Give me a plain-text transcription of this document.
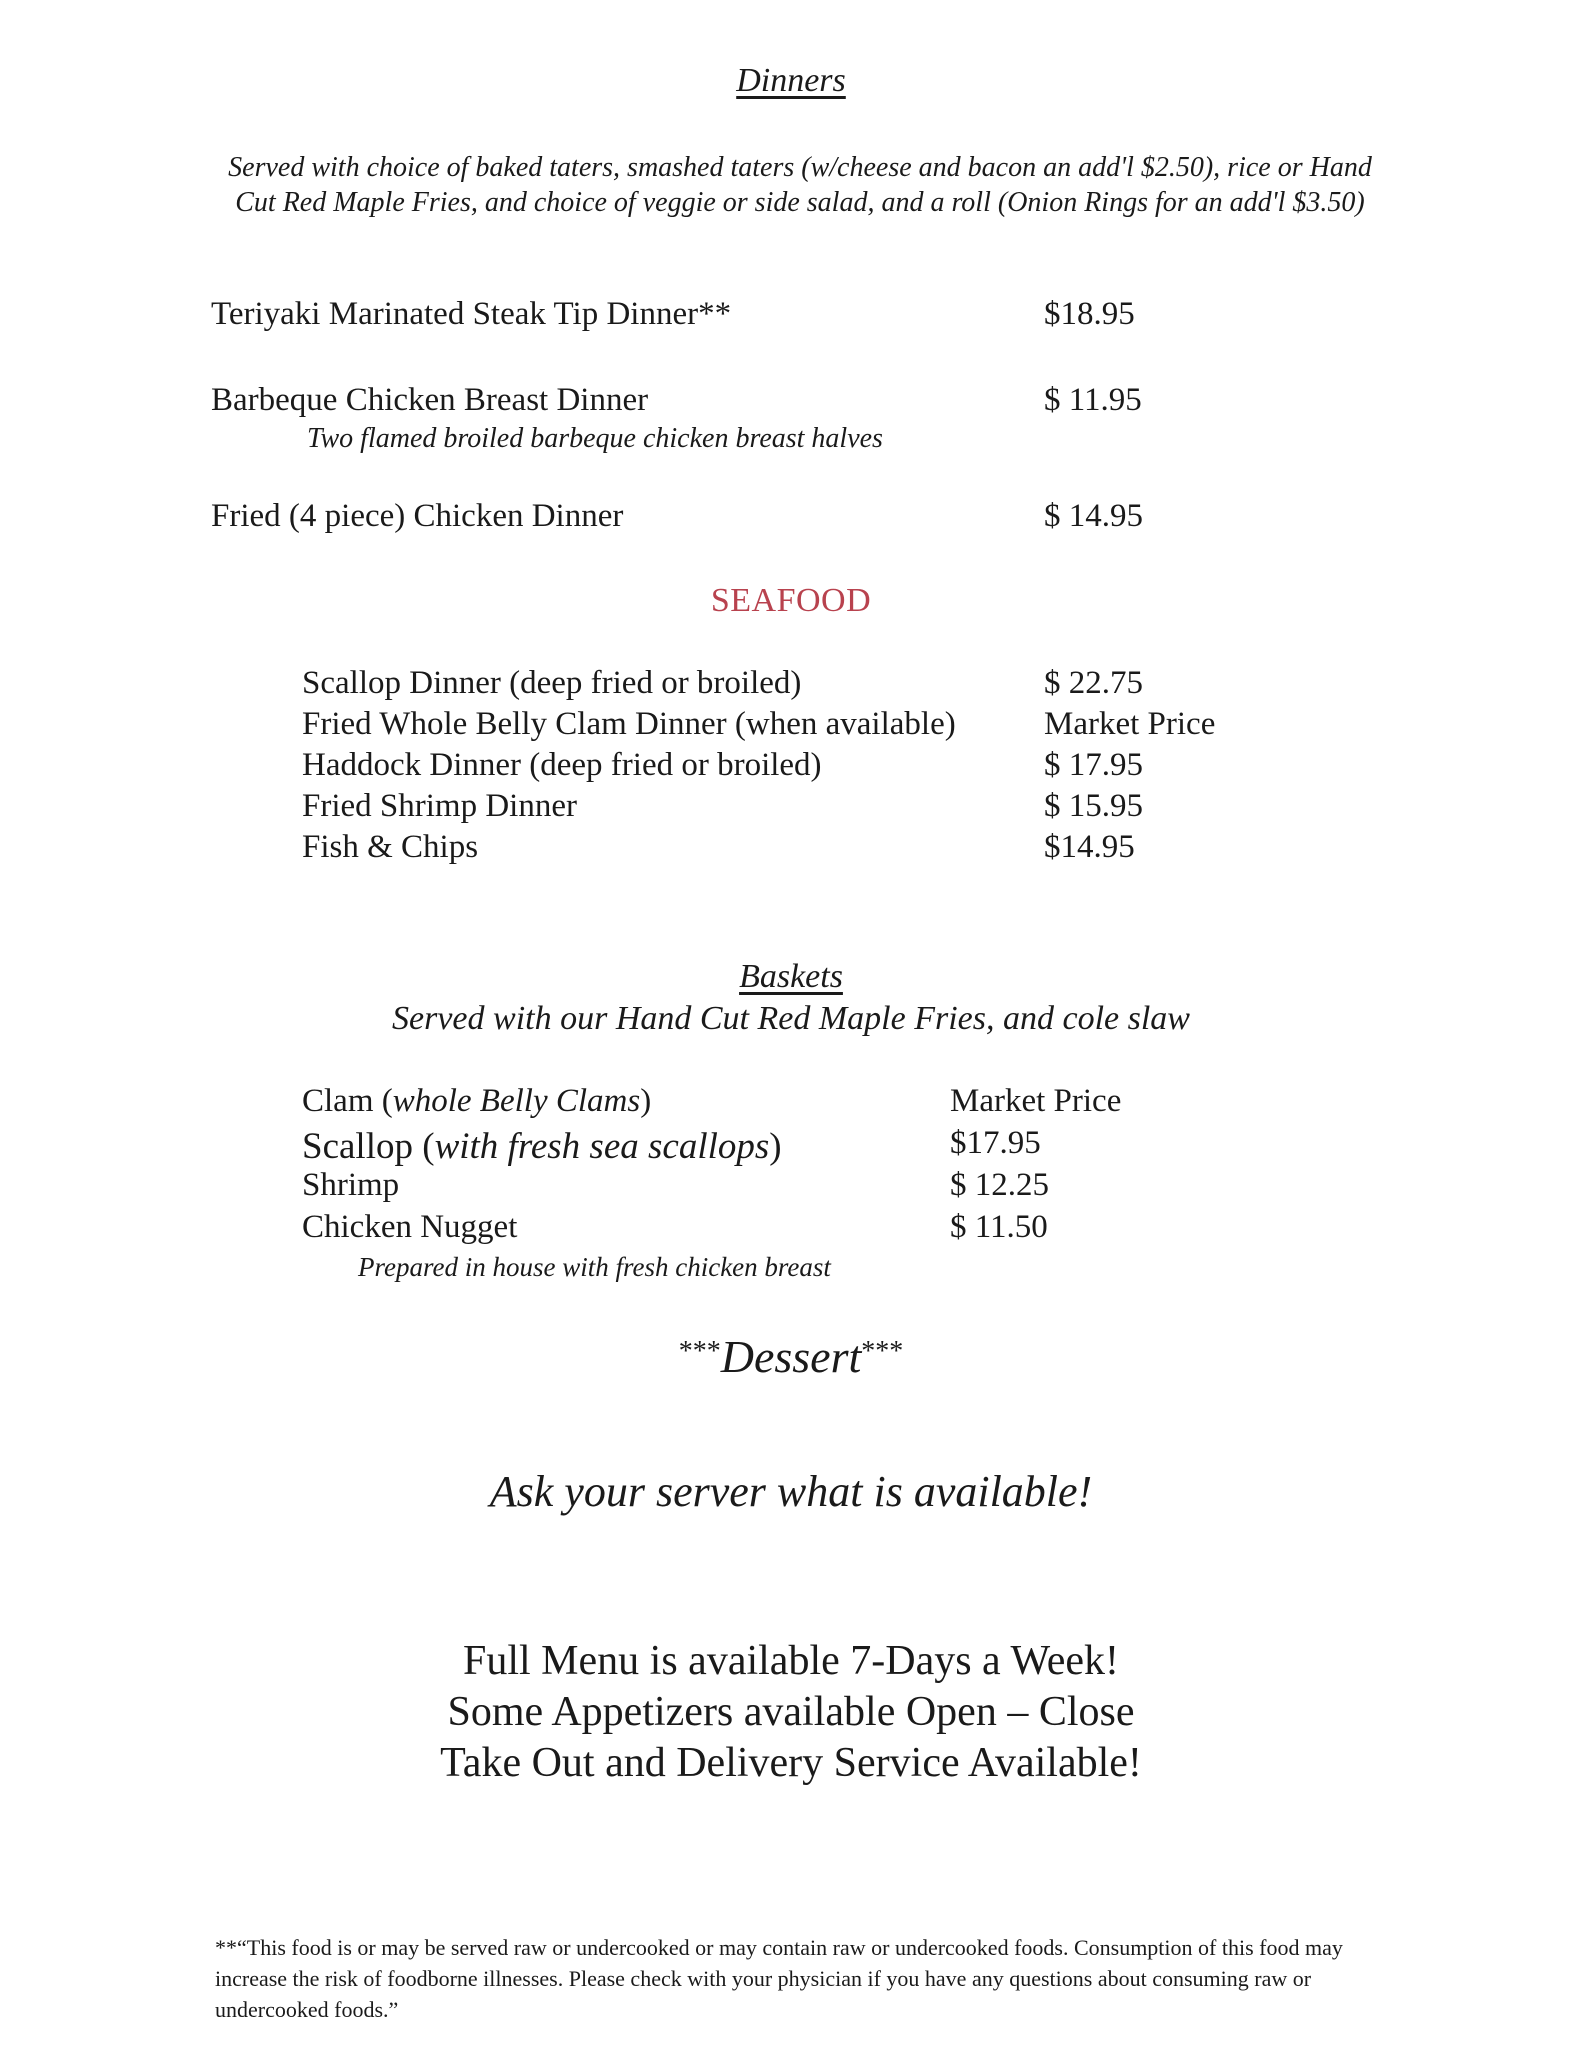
Dinners
Served with choice of baked taters, smashed taters (w/cheese and bacon an add'l $2.50), rice or Hand Cut Red Maple Fries, and choice of veggie or side salad, and a roll (Onion Rings for an add'l $3.50)
Teriyaki Marinated Steak Tip Dinner**	$18.95
Barbeque Chicken Breast Dinner	$ 11.95
Two flamed broiled barbeque chicken breast halves
Fried (4 piece) Chicken Dinner	$ 14.95
SEAFOOD
Scallop Dinner (deep fried or broiled)	$ 22.75
Fried Whole Belly Clam Dinner (when available)	Market Price
Haddock Dinner (deep fried or broiled)	$ 17.95
Fried Shrimp Dinner	$ 15.95
Fish & Chips	$14.95
Baskets
Served with our Hand Cut Red Maple Fries, and cole slaw
Clam (whole Belly Clams)	Market Price
Scallop (with fresh sea scallops)	$17.95
Shrimp	$ 12.25
Chicken Nugget	$ 11.50
Prepared in house with fresh chicken breast
***Dessert***
Ask your server what is available!
Full Menu is available 7-Days a Week!
Some Appetizers available Open – Close
Take Out and Delivery Service Available!
**“This food is or may be served raw or undercooked or may contain raw or undercooked foods. Consumption of this food may increase the risk of foodborne illnesses. Please check with your physician if you have any questions about consuming raw or undercooked foods.”
